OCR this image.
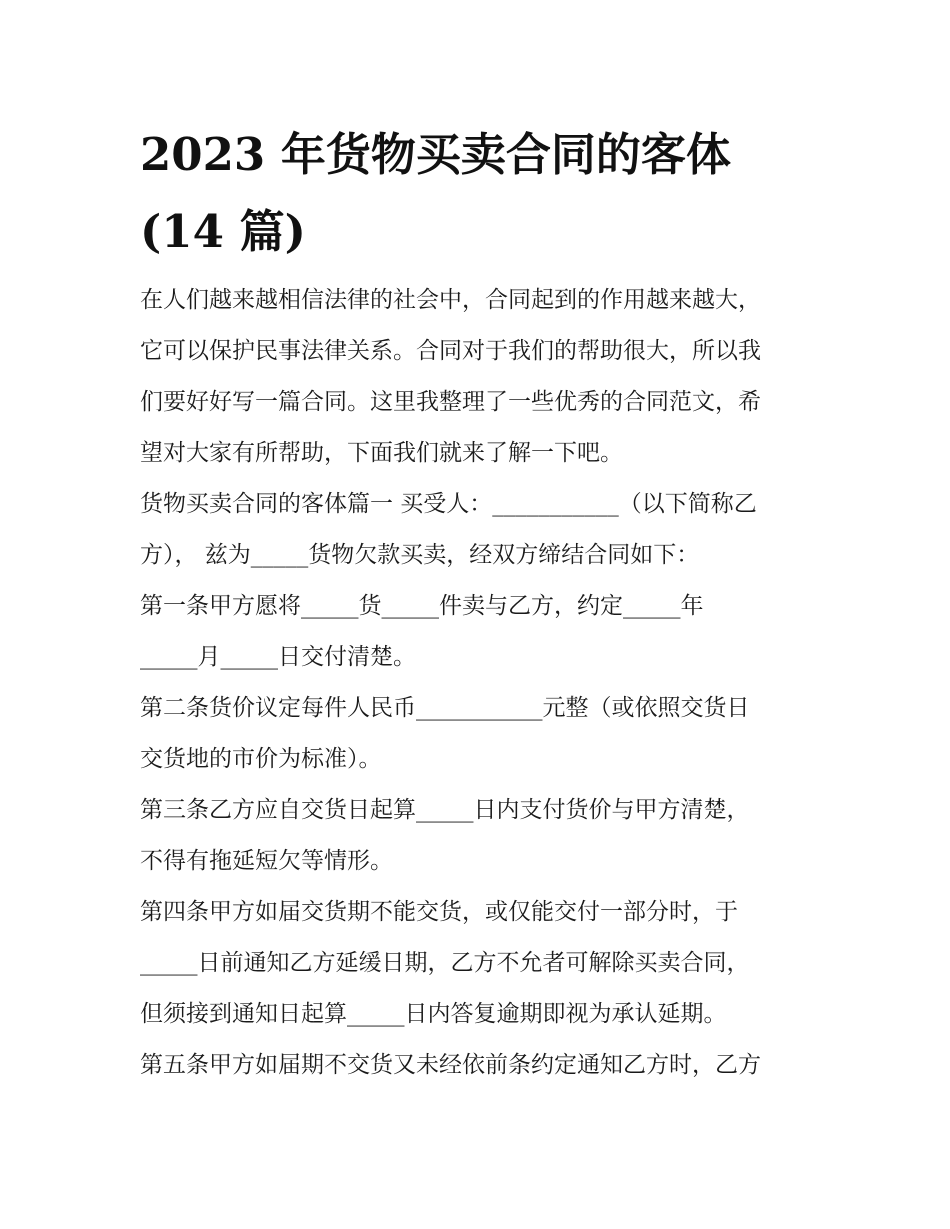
2023 年货物买卖合同的客体
(14 篇)
在人们越来越相信法律的社会中，合同起到的作用越来越大，
它可以保护民事法律关系。合同对于我们的帮助很大，所以我
们要好好写一篇合同。这里我整理了一些优秀的合同范文，希
望对大家有所帮助，下面我们就来了解一下吧。
货物买卖合同的客体篇一 买受人：___________（以下简称乙
方）， 兹为_____货物欠款买卖，经双方缔结合同如下：
第一条甲方愿将_____货_____件卖与乙方，约定_____年
_____月_____日交付清楚。
第二条货价议定每件人民币___________元整（或依照交货日
交货地的市价为标准）。
第三条乙方应自交货日起算_____日内支付货价与甲方清楚，
不得有拖延短欠等情形。
第四条甲方如届交货期不能交货，或仅能交付一部分时，于
_____日前通知乙方延缓日期，乙方不允者可解除买卖合同，
但须接到通知日起算_____日内答复逾期即视为承认延期。
第五条甲方如届期不交货又未经依前条约定通知乙方时，乙方
